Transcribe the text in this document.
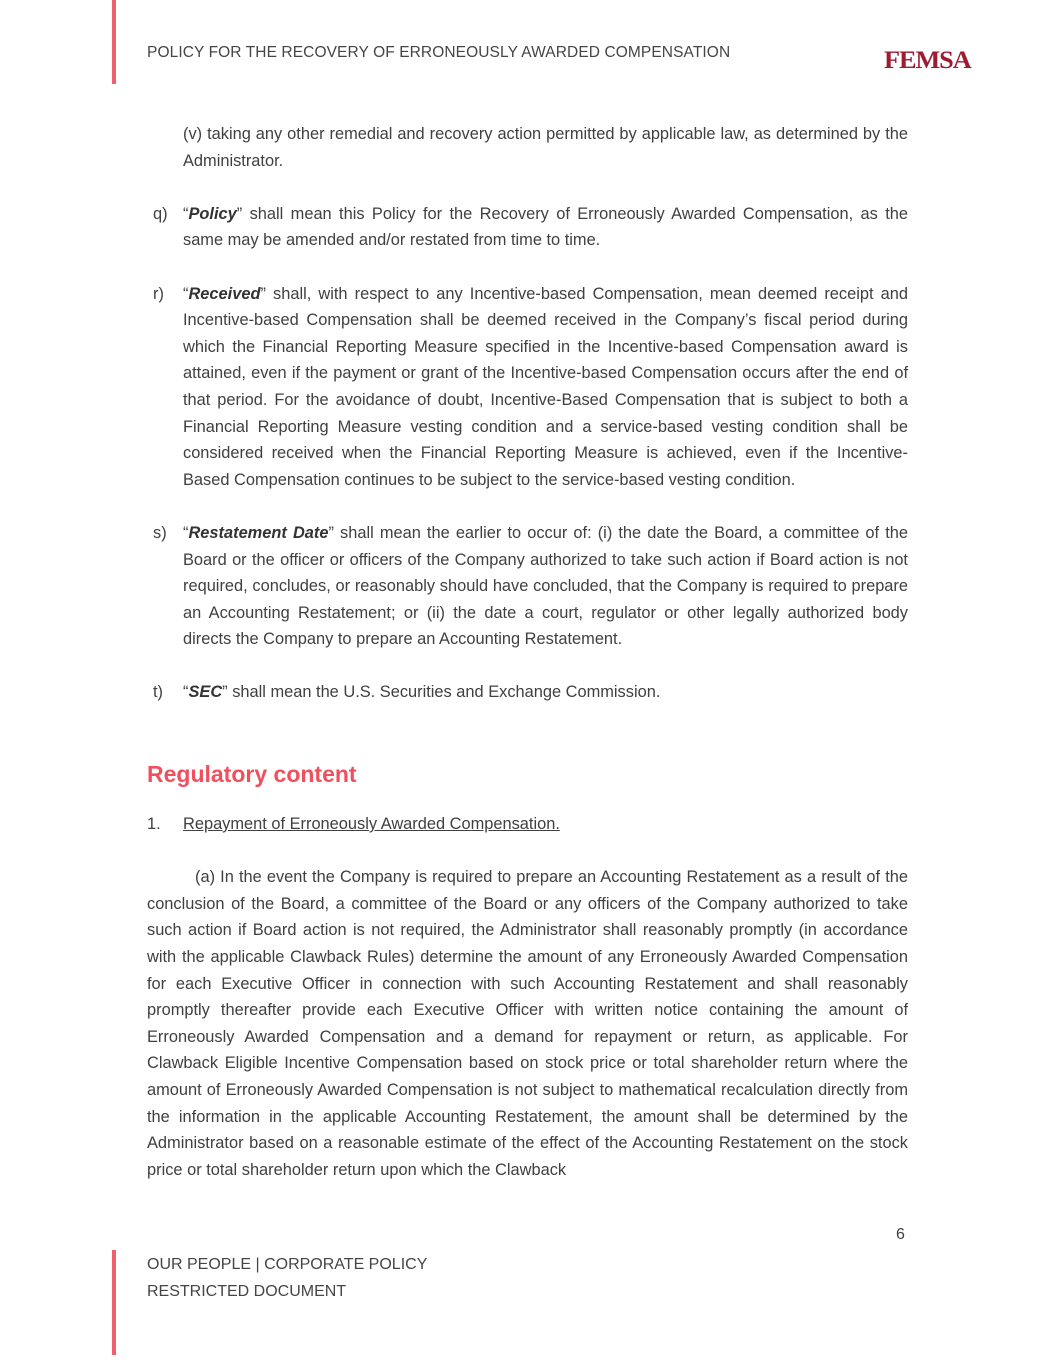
POLICY FOR THE RECOVERY OF ERRONEOUSLY AWARDED COMPENSATION	FEMSA

(v) taking any other remedial and recovery action permitted by applicable law, as determined by the Administrator.

q) “Policy” shall mean this Policy for the Recovery of Erroneously Awarded Compensation, as the same may be amended and/or restated from time to time.

r)	“Received” shall, with respect to any Incentive-based Compensation, mean deemed receipt and Incentive-based Compensation shall be deemed received in the Company’s fiscal period during which the Financial Reporting Measure specified in the Incentive-based Compensation award is attained, even if the payment or grant of the Incentive-based Compensation occurs after the end of that period. For the avoidance of doubt, Incentive-Based Compensation that is subject to both a Financial Reporting Measure vesting condition and a service-based vesting condition shall be considered received when the Financial Reporting Measure is achieved, even if the Incentive-Based Compensation continues to be subject to the service-based vesting condition.

s) “Restatement Date” shall mean the earlier to occur of: (i) the date the Board, a committee of the Board or the officer or officers of the Company authorized to take such action if Board action is not required, concludes, or reasonably should have concluded, that the Company is required to prepare an Accounting Restatement; or (ii) the date a court, regulator or other legally authorized body directs the Company to prepare an Accounting Restatement.

t)	“SEC” shall mean the U.S. Securities and Exchange Commission.

Regulatory content
1.	Repayment of Erroneously Awarded Compensation.

(a) In the event the Company is required to prepare an Accounting Restatement as a result of the conclusion of the Board, a committee of the Board or any officers of the Company authorized to take such action if Board action is not required, the Administrator shall reasonably promptly (in accordance with the applicable Clawback Rules) determine the amount of any Erroneously Awarded Compensation for each Executive Officer in connection with such Accounting Restatement and shall reasonably promptly thereafter provide each Executive Officer with written notice containing the amount of Erroneously Awarded Compensation and a demand for repayment or return, as applicable. For Clawback Eligible Incentive Compensation based on stock price or total shareholder return where the amount of Erroneously Awarded Compensation is not subject to mathematical recalculation directly from the information in the applicable Accounting Restatement, the amount shall be determined by the Administrator based on a reasonable estimate of the effect of the Accounting Restatement on the stock price or total shareholder return upon which the Clawback

6
OUR PEOPLE | CORPORATE POLICY
RESTRICTED DOCUMENT
